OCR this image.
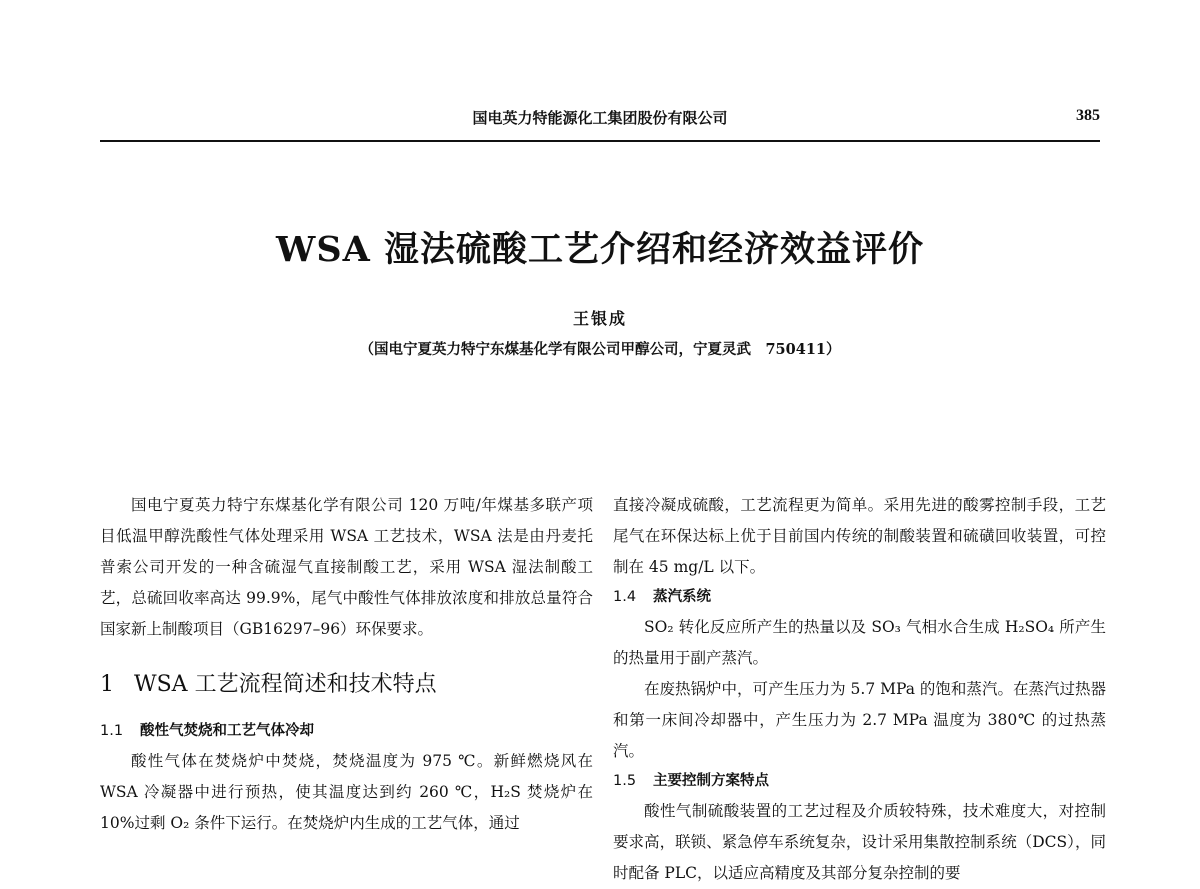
国电英力特能源化工集团股份有限公司	385
WSA 湿法硫酸工艺介绍和经济效益评价
王银成
（国电宁夏英力特宁东煤基化学有限公司甲醇公司，宁夏灵武　750411）

国电宁夏英力特宁东煤基化学有限公司 120 万吨/年煤基多联产项目低温甲醇洗酸性气体处理采用 WSA 工艺技术，WSA 法是由丹麦托普索公司开发的一种含硫湿气直接制酸工艺，采用 WSA 湿法制酸工艺，总硫回收率高达 99.9%，尾气中酸性气体排放浓度和排放总量符合国家新上制酸项目（GB16297–96）环保要求。

1 WSA 工艺流程简述和技术特点
1.1 酸性气焚烧和工艺气体冷却

酸性气体在焚烧炉中焚烧，焚烧温度为 975 ℃。新鲜燃烧风在 WSA 冷凝器中进行预热，使其温度达到约 260 ℃，H₂S 焚烧炉在 10%过剩 O₂ 条件下运行。在焚烧炉内生成的工艺气体，通过

直接冷凝成硫酸，工艺流程更为简单。采用先进的酸雾控制手段，工艺尾气在环保达标上优于目前国内传统的制酸装置和硫磺回收装置，可控制在 45 mg/L 以下。

1.4 蒸汽系统

SO₂ 转化反应所产生的热量以及 SO₃ 气相水合生成 H₂SO₄ 所产生的热量用于副产蒸汽。

在废热锅炉中，可产生压力为 5.7 MPa 的饱和蒸汽。在蒸汽过热器和第一床间冷却器中，产生压力为 2.7 MPa 温度为 380℃ 的过热蒸汽。

1.5 主要控制方案特点

酸性气制硫酸装置的工艺过程及介质较特殊，技术难度大，对控制要求高，联锁、紧急停车系统复杂，设计采用集散控制系统（DCS），同时配备 PLC，以适应高精度及其部分复杂控制的要
